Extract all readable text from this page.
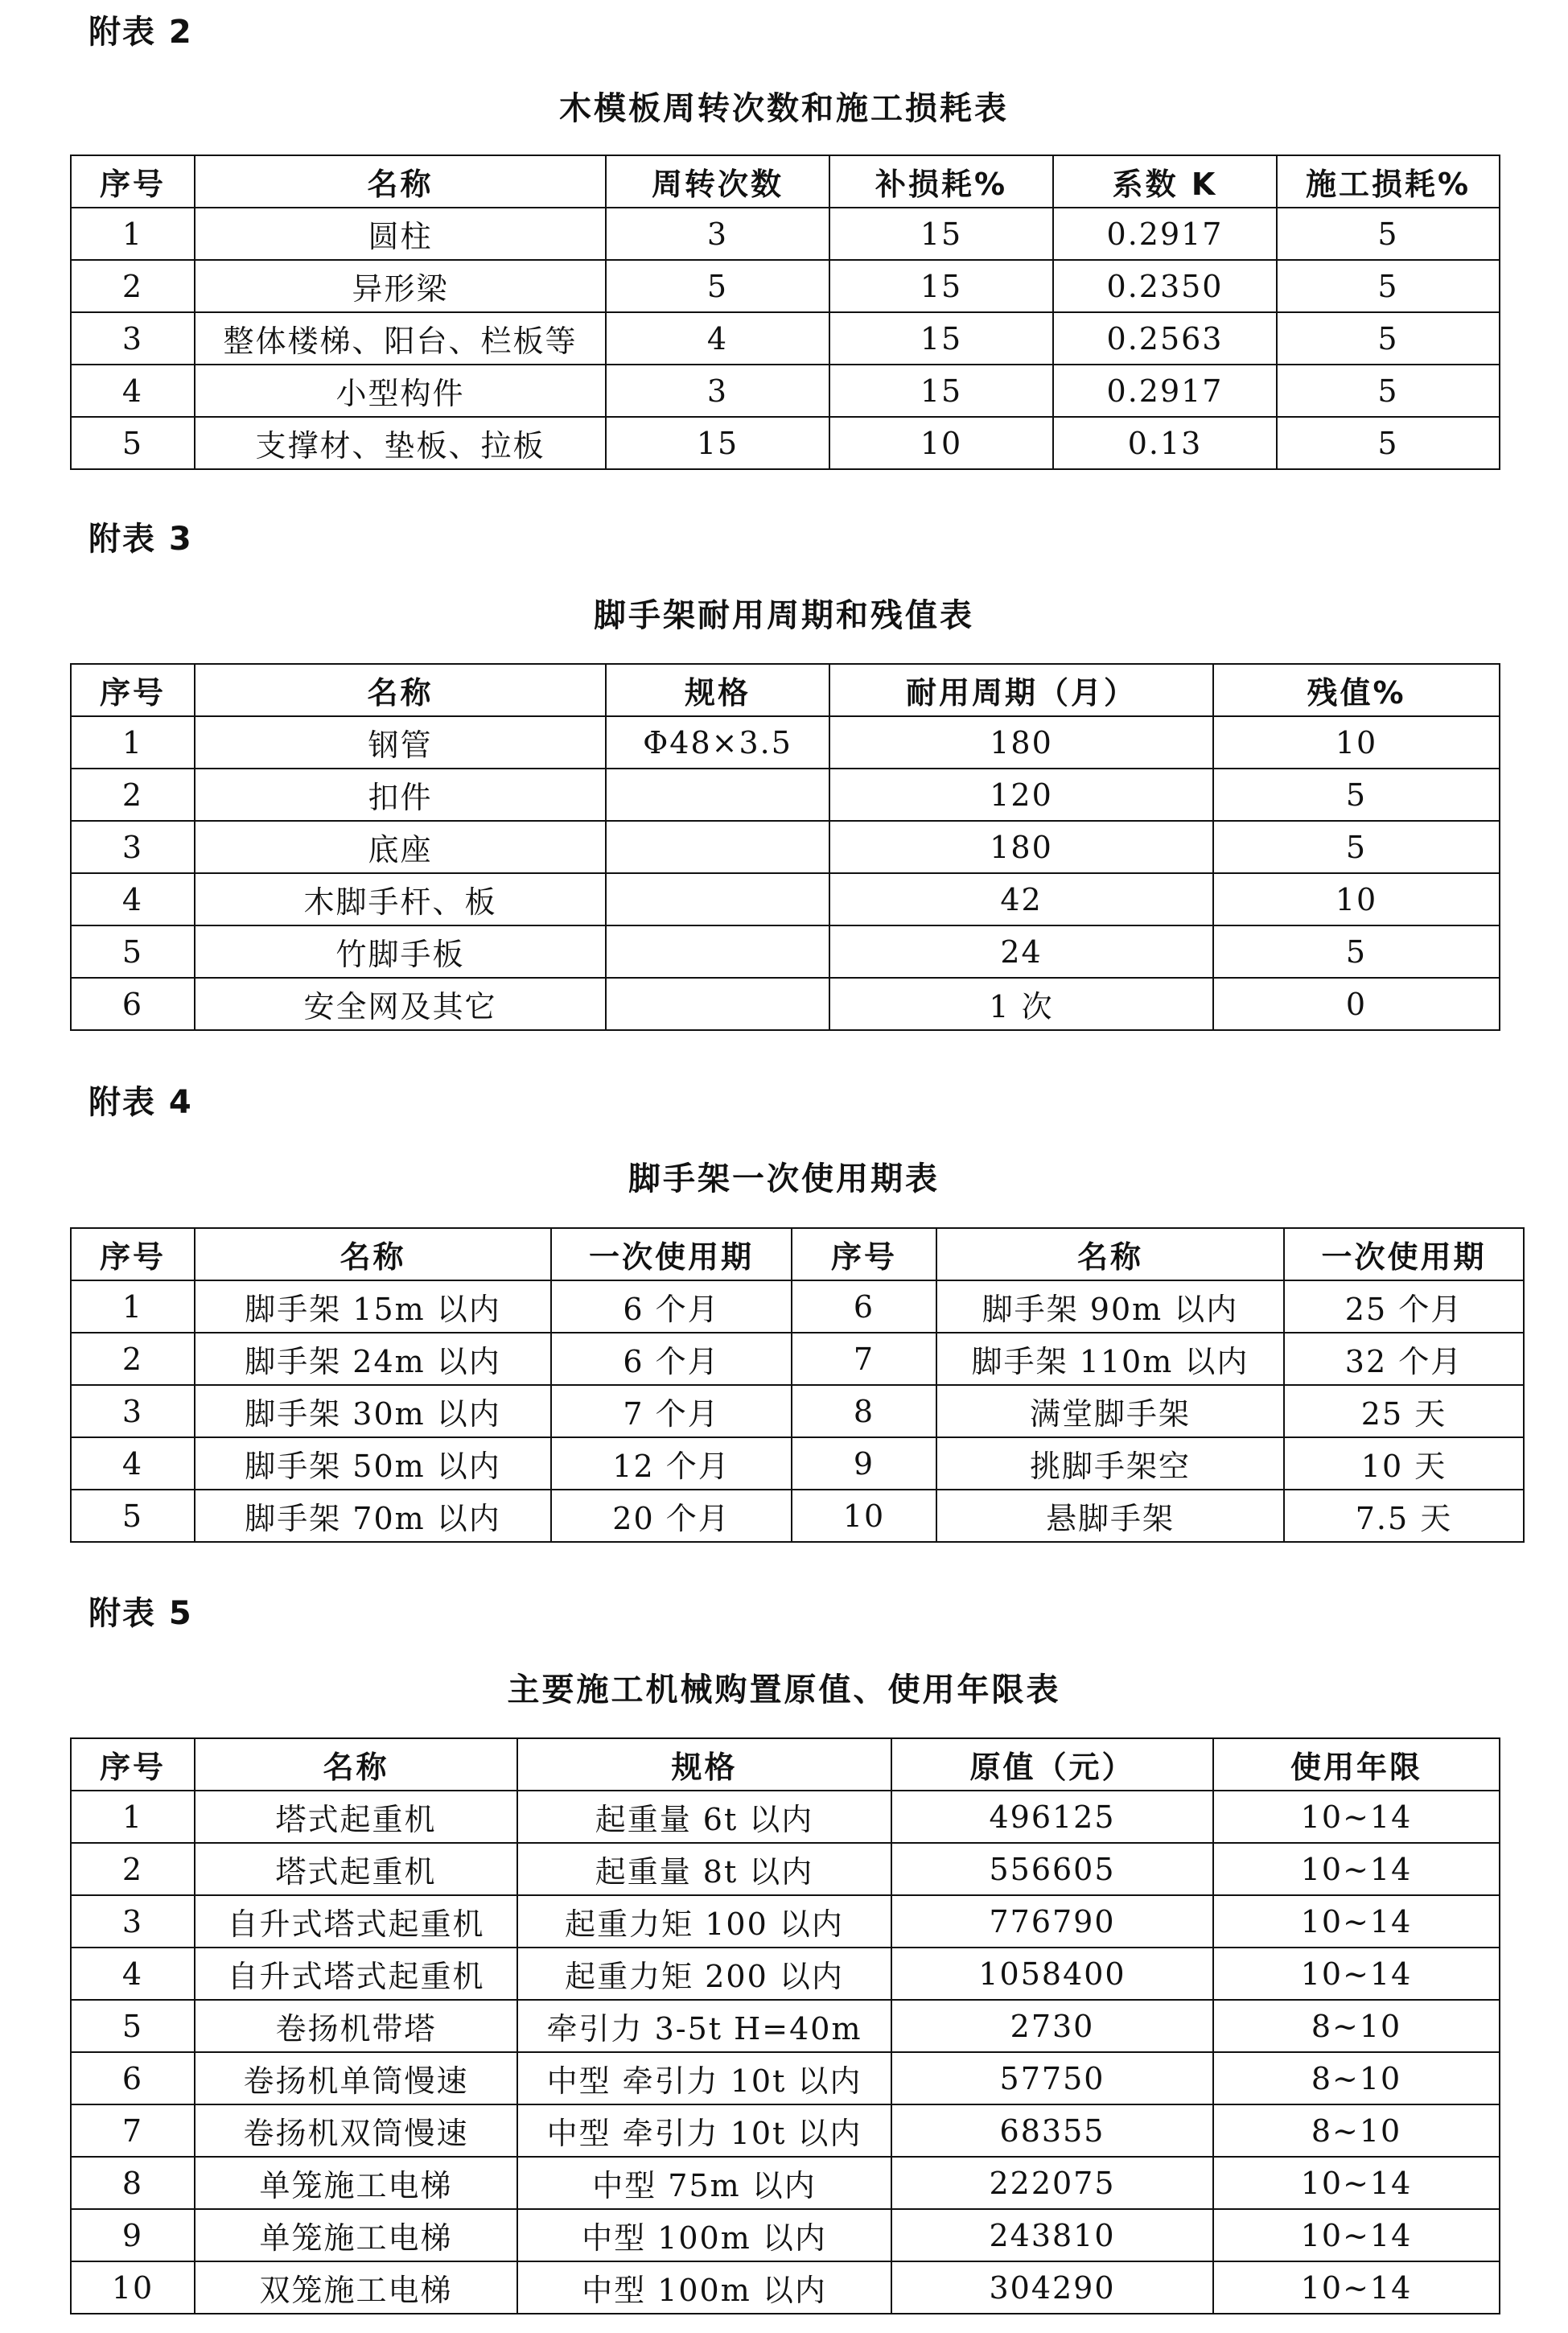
附表 2
木模板周转次数和施工损耗表
序号	名称	周转次数	补损耗%	系数 K	施工损耗%
1	圆柱	3	15	0.2917	5
2	异形梁	5	15	0.2350	5
3	整体楼梯、阳台、栏板等	4	15	0.2563	5
4	小型构件	3	15	0.2917	5
5	支撑材、垫板、拉板	15	10	0.13	5
附表 3
脚手架耐用周期和残值表
序号	名称	规格	耐用周期（月）	残值%
1	钢管	Φ48×3.5	180	10
2	扣件		120	5
3	底座		180	5
4	木脚手杆、板		42	10
5	竹脚手板		24	5
6	安全网及其它		1 次	0
附表 4
脚手架一次使用期表
序号	名称	一次使用期	序号	名称	一次使用期
1	脚手架 15m 以内	6 个月	6	脚手架 90m 以内	25 个月
2	脚手架 24m 以内	6 个月	7	脚手架 110m 以内	32 个月
3	脚手架 30m 以内	7 个月	8	满堂脚手架	25 天
4	脚手架 50m 以内	12 个月	9	挑脚手架空	10 天
5	脚手架 70m 以内	20 个月	10	悬脚手架	7.5 天
附表 5
主要施工机械购置原值、使用年限表
序号	名称	规格	原值（元）	使用年限
1	塔式起重机	起重量 6t 以内	496125	10~14
2	塔式起重机	起重量 8t 以内	556605	10~14
3	自升式塔式起重机	起重力矩 100 以内	776790	10~14
4	自升式塔式起重机	起重力矩 200 以内	1058400	10~14
5	卷扬机带塔	牵引力 3-5t H=40m	2730	8~10
6	卷扬机单筒慢速	中型 牵引力 10t 以内	57750	8~10
7	卷扬机双筒慢速	中型 牵引力 10t 以内	68355	8~10
8	单笼施工电梯	中型 75m 以内	222075	10~14
9	单笼施工电梯	中型 100m 以内	243810	10~14
10	双笼施工电梯	中型 100m 以内	304290	10~14
